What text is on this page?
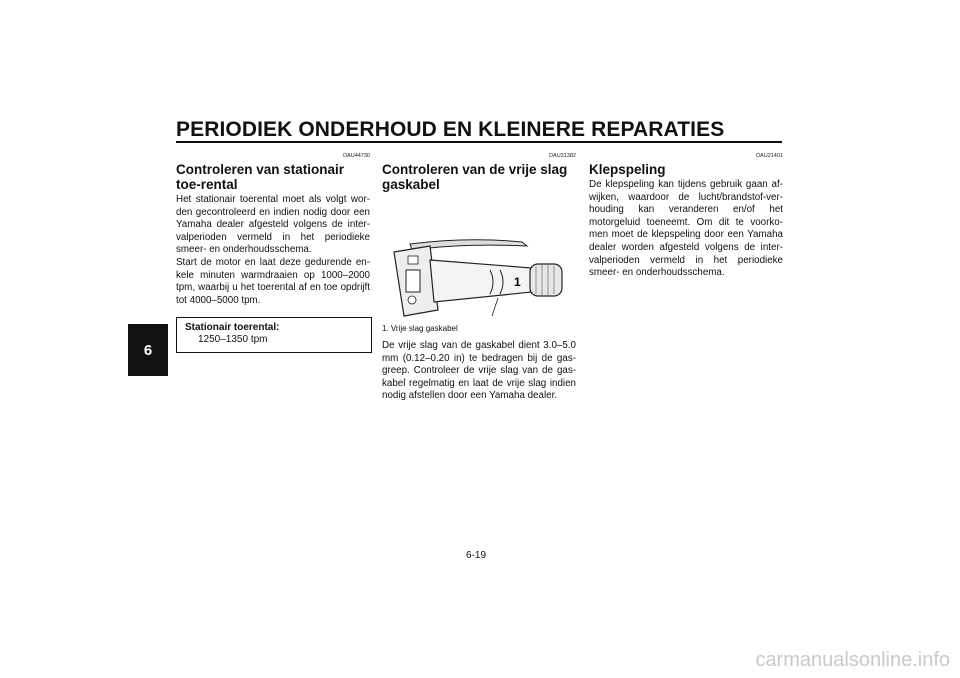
PERIODIEK ONDERHOUD EN KLEINERE REPARATIES
6
DAU44730
Controleren van stationair toe-rental

Het stationair toerental moet als volgt wor-den gecontroleerd en indien nodig door een Yamaha dealer afgesteld volgens de inter-valperioden vermeld in het periodieke smeer- en onderhoudsschema.

Start de motor en laat deze gedurende en-kele minuten warmdraaien op 1000–2000 tpm, waarbij u het toerental af en toe opdrijft tot 4000–5000 tpm.

Stationair toerental:
1250–1350 tpm
DAU21382
Controleren van de vrije slag gaskabel
1
1. Vrije slag gaskabel

De vrije slag van de gaskabel dient 3.0–5.0 mm (0.12–0.20 in) te bedragen bij de gas-greep. Controleer de vrije slag van de gas-kabel regelmatig en laat de vrije slag indien nodig afstellen door een Yamaha dealer.

DAU21401
Klepspeling

De klepspeling kan tijdens gebruik gaan af-wijken, waardoor de lucht/brandstof-ver-houding kan veranderen en/of het motorgeluid toeneemt. Om dit te voorko-men moet de klepspeling door een Yamaha dealer worden afgesteld volgens de inter-valperioden vermeld in het periodieke smeer- en onderhoudsschema.

6-19
carmanualsonline.info
